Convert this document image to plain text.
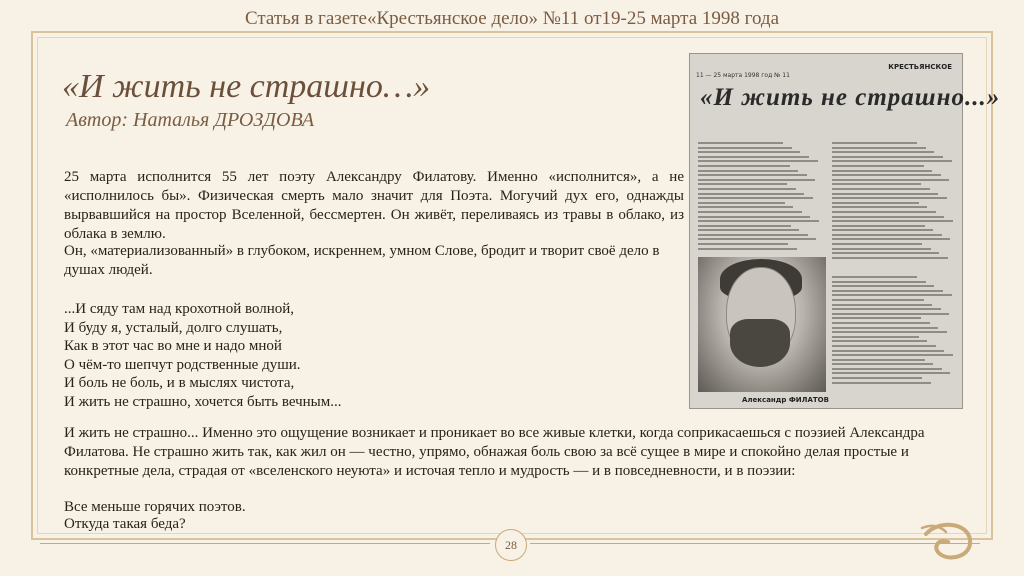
Статья в газете«Крестьянское дело» №11 от19-25 марта 1998 года
«И жить не страшно…»
Автор: Наталья ДРОЗДОВА

25 марта исполнится 55 лет поэту Александру Филатову. Именно «исполнится», а не «исполнилось бы». Физическая смерть мало значит для Поэта. Могучий дух его, однажды вырвавшийся на простор Вселенной, бессмертен. Он живёт, переливаясь из травы в облако, из облака в землю.

Он, «материализованный» в глубоком, искреннем, умном Слове, бродит и творит своё дело в душах людей.

...И сяду там над крохотной волной,
И буду я, усталый, долго слушать,
Как в этот час во мне и надо мной
О чём-то шепчут родственные души.
И боль не боль, и в мыслях чистота,
И жить не страшно, хочется быть вечным...

И жить не страшно... Именно это ощущение возникает и проникает во все живые клетки, когда соприкасаешься с поэзией Александра Филатова. Не страшно жить так, как жил он — честно, упрямо, обнажая боль свою за всё сущее в мире и спокойно делая простые и конкретные дела, страдая от «вселенского неуюта» и источая тепло и мудрость — и в повседневности, и в поэзии:

Все меньше горячих поэтов.

Откуда такая беда?

11 — 25 марта 1998 год № 11
КРЕСТЬЯНСКОЕ
«И жить не страшно...»
Александр ФИЛАТОВ
28
